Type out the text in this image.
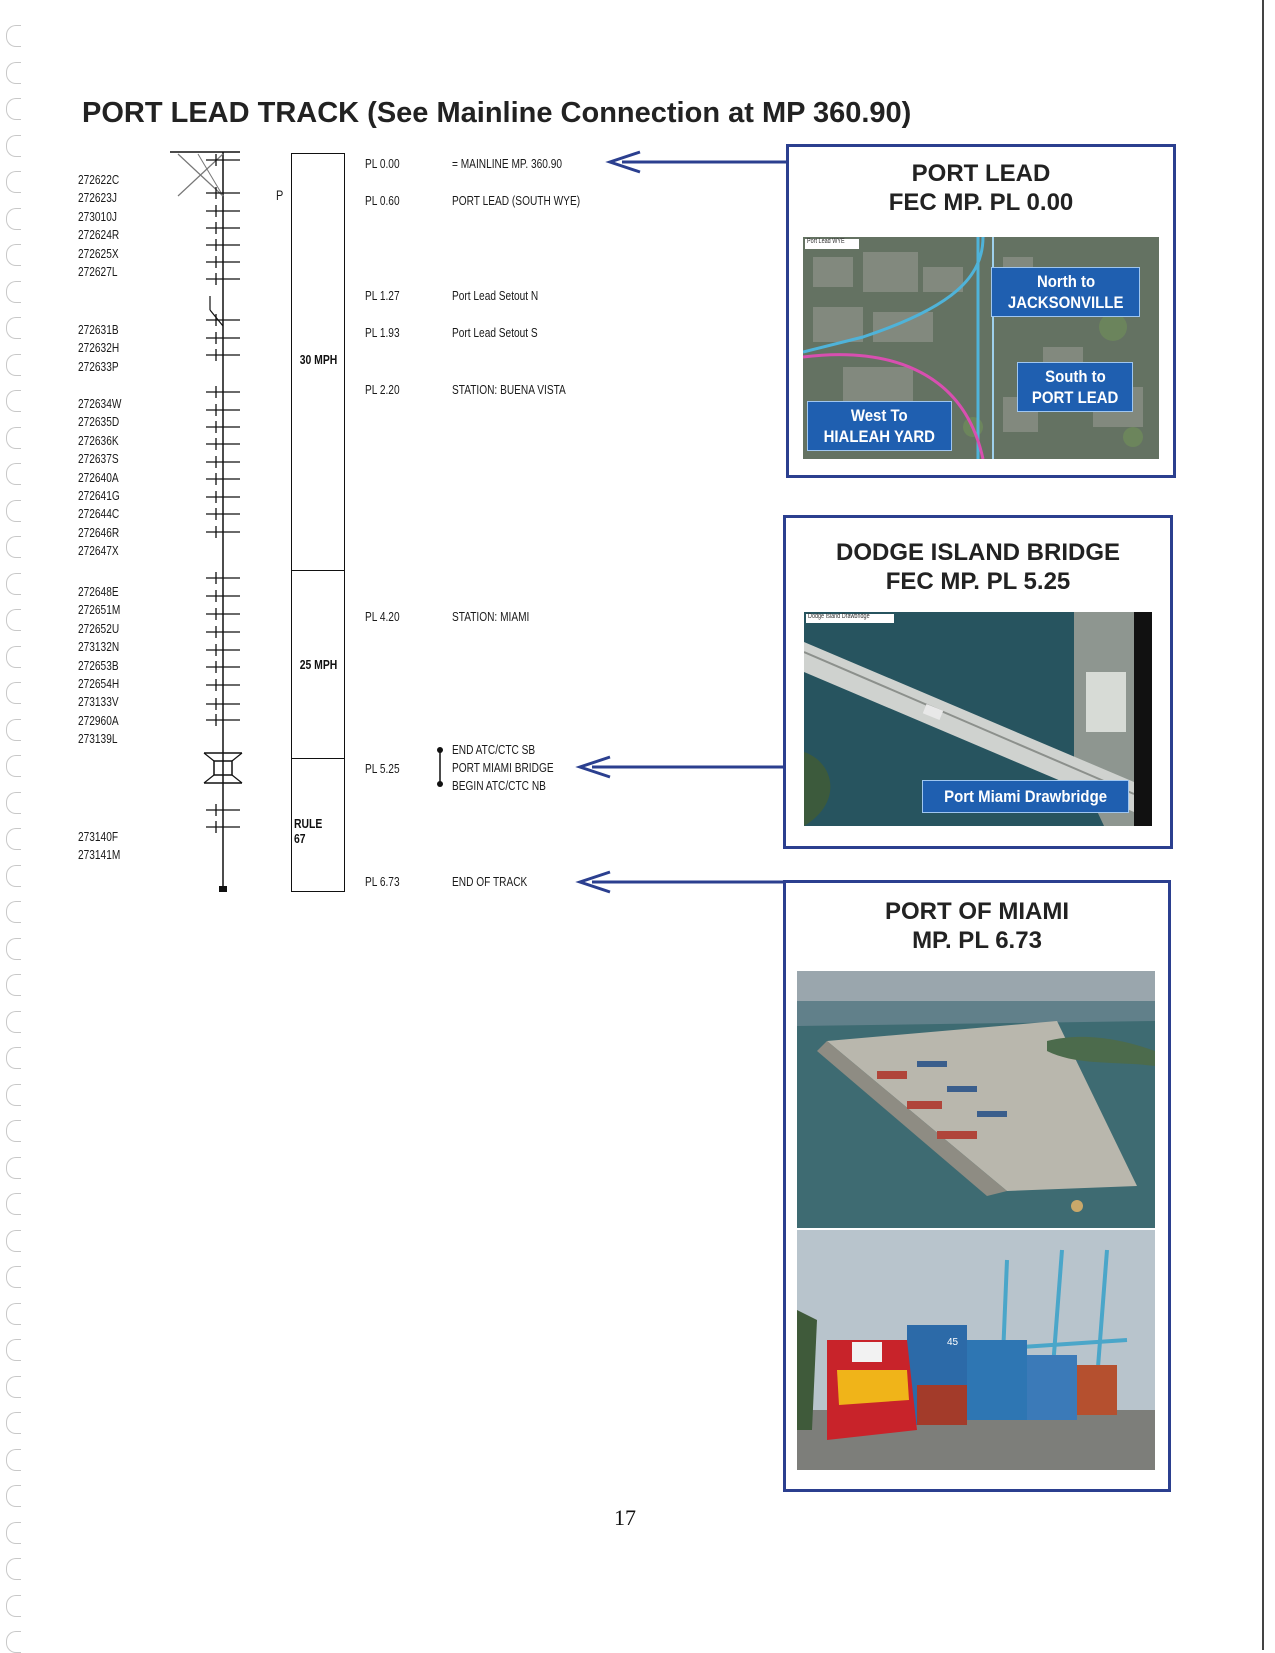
PORT LEAD TRACK (See Mainline Connection at MP 360.90)
272622C
272623J
273010J
272624R
272625X
272627L
272631B
272632H
272633P
272634W
272635D
272636K
272637S
272640A
272641G
272644C
272646R
272647X
272648E
272651M
272652U
273132N
272653B
272654H
273133V
272960A
273139L
273140F
273141M
P
30 MPH
25 MPH
RULE 67
PL 0.00
PL 0.60
PL 1.27
PL 1.93
PL 2.20
PL 4.20
PL 5.25
PL 6.73
= MAINLINE MP. 360.90
PORT LEAD (SOUTH WYE)
Port Lead Setout N
Port Lead Setout S
STATION: BUENA VISTA
STATION: MIAMI
END ATC/CTC SB
PORT MIAMI BRIDGE
BEGIN ATC/CTC NB
END OF TRACK
PORT LEAD
FEC MP. PL 0.00
Port Lead WYE
North to
JACKSONVILLE
South to
PORT LEAD
West To
HIALEAH YARD
DODGE ISLAND BRIDGE
FEC MP. PL 5.25
Dodge Island Drawbridge
Port Miami Drawbridge
PORT OF MIAMI
MP. PL 6.73
45
17
